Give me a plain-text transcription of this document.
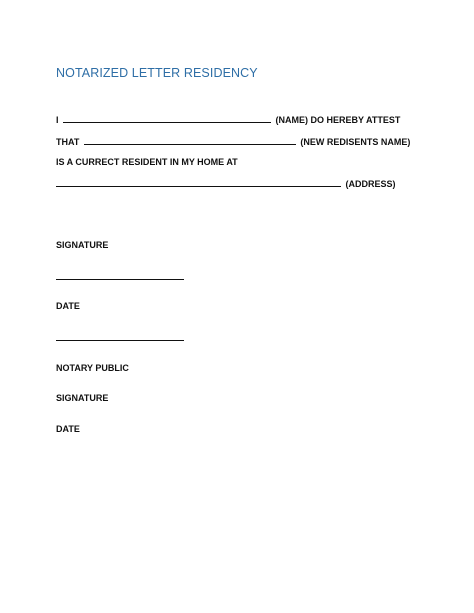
NOTARIZED LETTER RESIDENCY
I	(NAME) DO HEREBY ATTEST
THAT	(NEW REDISENTS NAME)
IS A CURRECT RESIDENT IN MY HOME AT
(ADDRESS)
SIGNATURE
DATE
NOTARY PUBLIC
SIGNATURE
DATE
